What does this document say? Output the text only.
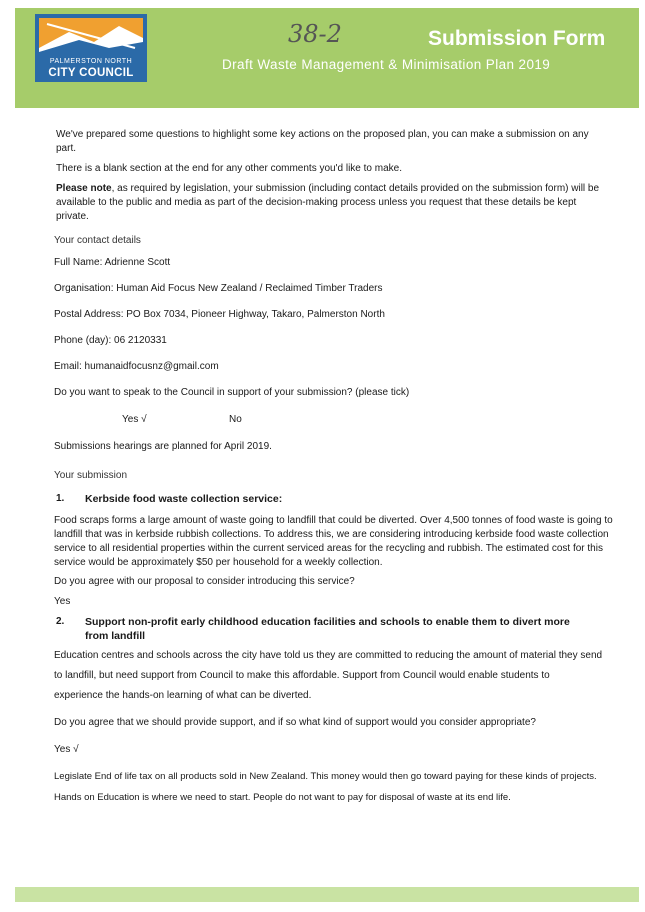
PALMERSTON NORTH
CITY COUNCIL
38-2	Submission Form
Draft Waste Management & Minimisation Plan 2019

We've prepared some questions to highlight some key actions on the proposed plan, you can make a submission on any part.

There is a blank section at the end for any other comments you'd like to make.

Please note, as required by legislation, your submission (including contact details provided on the submission form) will be available to the public and media as part of the decision-making process unless you request that these details be kept private.

Your contact details
Full Name: Adrienne Scott
Organisation: Human Aid Focus New Zealand / Reclaimed Timber Traders
Postal Address: PO Box 7034, Pioneer Highway, Takaro, Palmerston North
Phone (day): 06 2120331
Email: humanaidfocusnz@gmail.com
Do you want to speak to the Council in support of your submission? (please tick)
Yes √	No
Submissions hearings are planned for April 2019.
Your submission
1. Kerbside food waste collection service:
Food scraps forms a large amount of waste going to landfill that could be diverted. Over 4,500 tonnes of food waste is going to landfill that was in kerbside rubbish collections. To address this, we are considering introducing kerbside food waste collection service to all residential properties within the current serviced areas for the recycling and rubbish. The estimated cost for this service would be approximately $50 per household for a weekly collection.
Do you agree with our proposal to consider introducing this service?
Yes
2. Support non-profit early childhood education facilities and schools to enable them to divert more from landfill
Education centres and schools across the city have told us they are committed to reducing the amount of material they send
to landfill, but need support from Council to make this affordable. Support from Council would enable students to
experience the hands-on learning of what can be diverted.
Do you agree that we should provide support, and if so what kind of support would you consider appropriate?
Yes √
Legislate End of life tax on all products sold in New Zealand. This money would then go toward paying for these kinds of projects.
Hands on Education is where we need to start. People do not want to pay for disposal of waste at its end life.
